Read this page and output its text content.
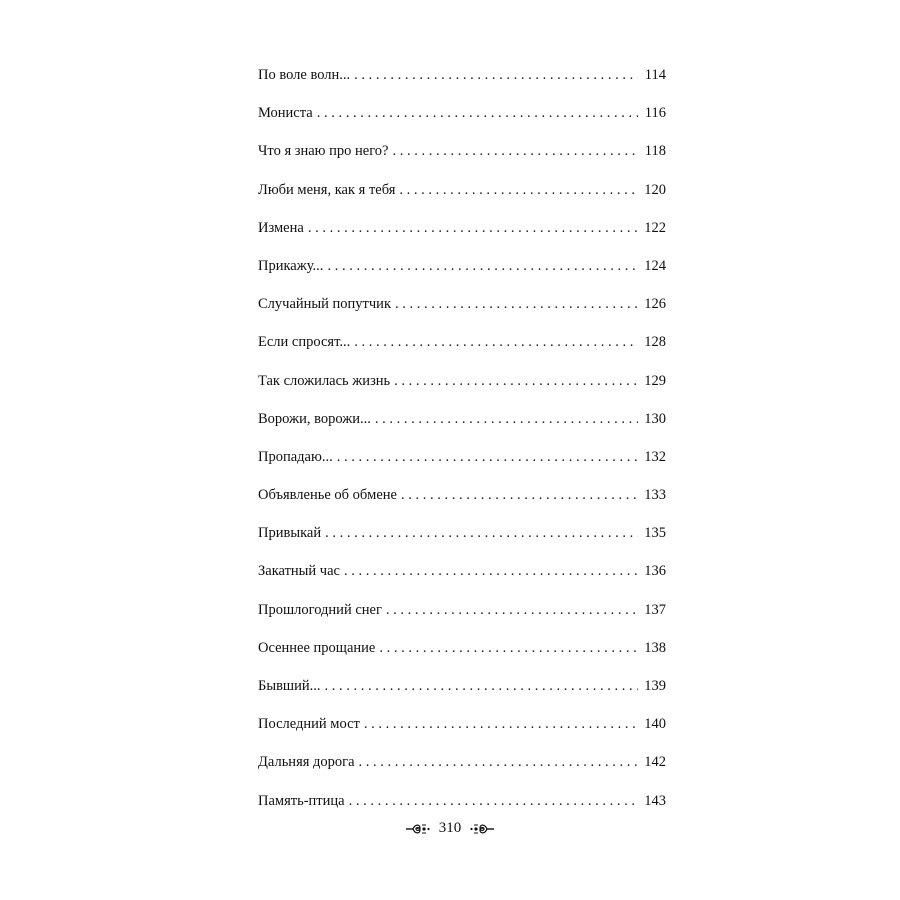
По воле волн... . . .	114
Мониста . . .	116
Что я знаю про него? . . .	118
Люби меня, как я тебя . . .	120
Измена . . .	122
Прикажу... . . .	124
Случайный попутчик . . .	126
Если спросят... . . .	128
Так сложилась жизнь . . .	129
Ворожи, ворожи... . . .	130
Пропадаю... . . .	132
Объявленье об обмене . . .	133
Привыкай . . .	135
Закатный час . . .	136
Прошлогодний снег . . .	137
Осеннее прощание . . .	138
Бывший... . . .	139
Последний мост . . .	140
Дальняя дорога . . .	142
Память-птица . . .	143
310
